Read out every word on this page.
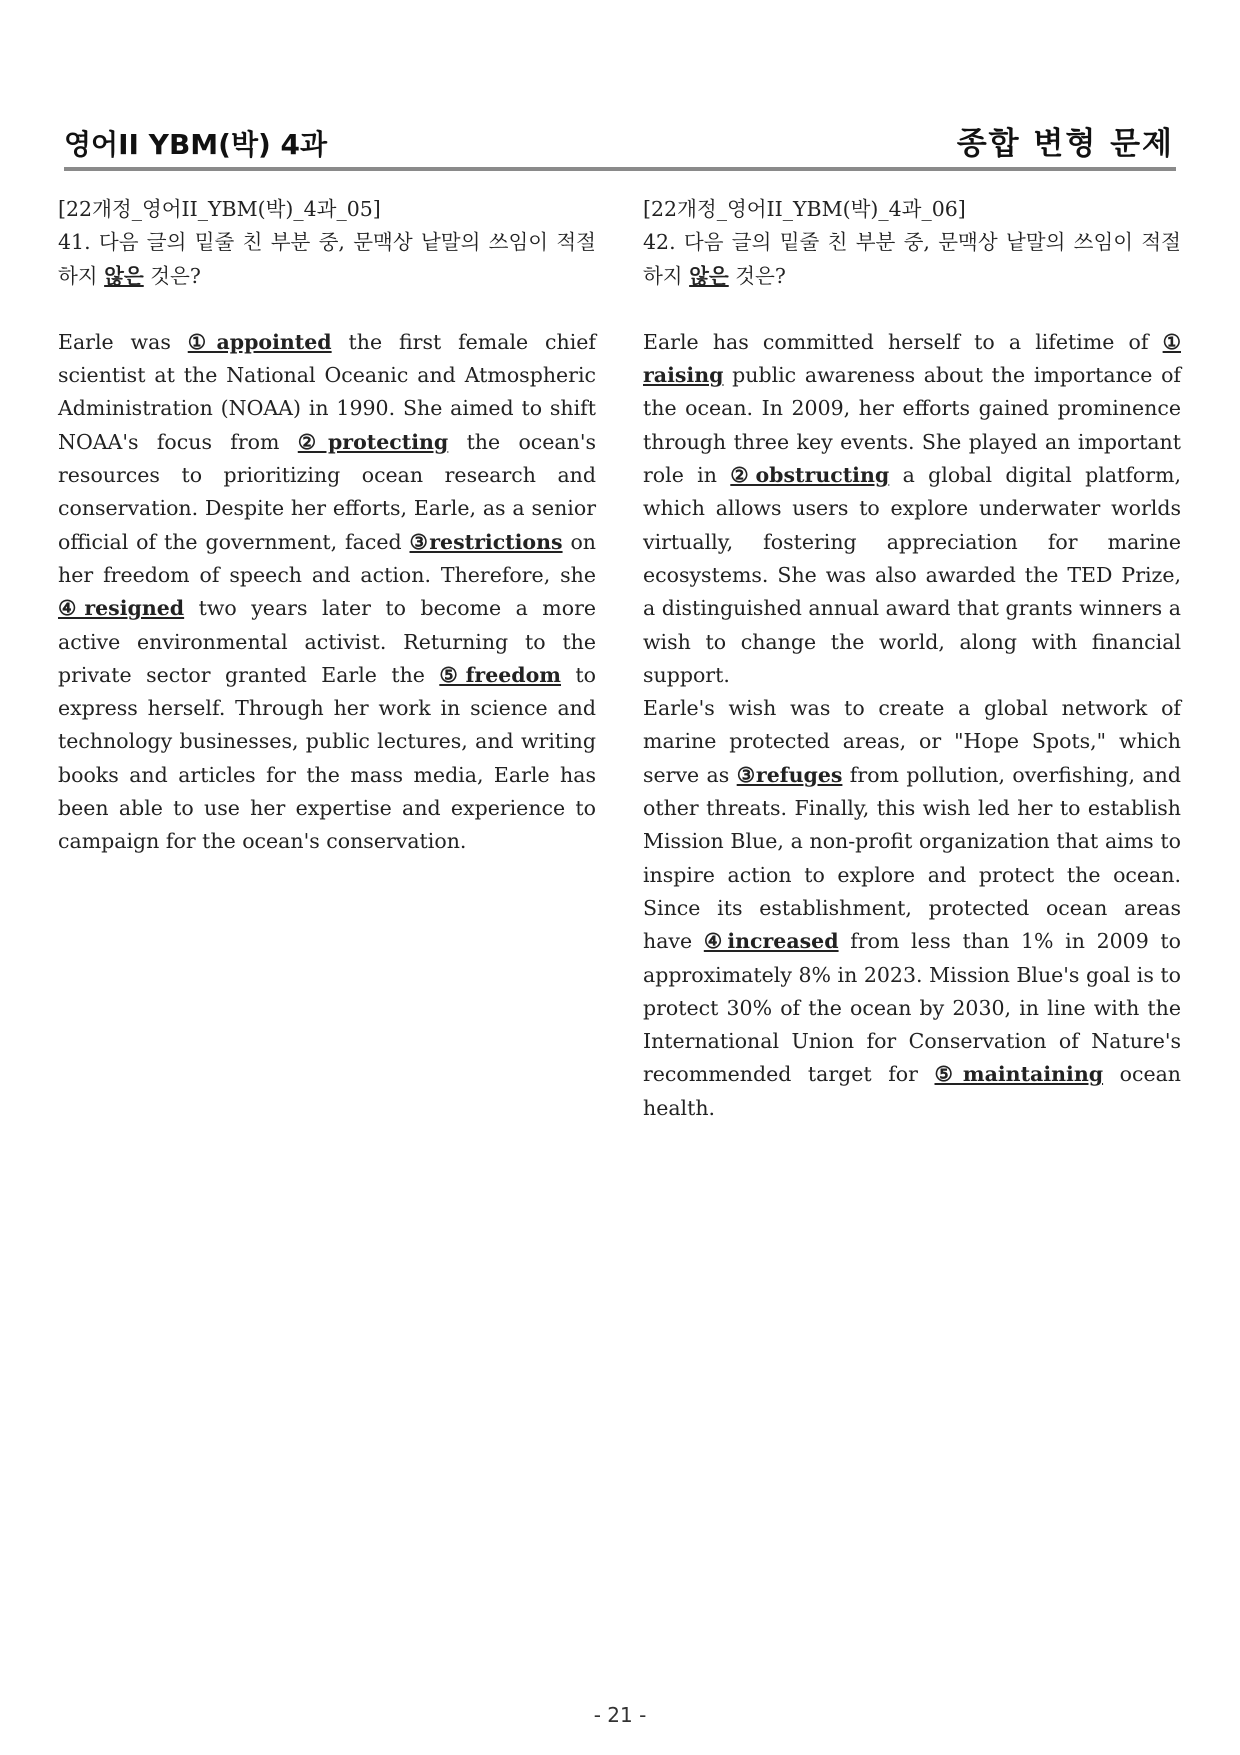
영어II YBM(박) 4과	종합 변형 문제

[22개정_영어II_YBM(박)_4과_05]

41. 다음 글의 밑줄 친 부분 중, 문맥상 낱말의 쓰임이 적절하지 않은 것은?

Earle was ①appointed the first female chief scientist at the National Oceanic and Atmospheric Administration (NOAA) in 1990. She aimed to shift NOAA's focus from ②protecting the ocean's resources to prioritizing ocean research and conservation. Despite her efforts, Earle, as a senior official of the government, faced ③restrictions on her freedom of speech and action. Therefore, she ④resigned two years later to become a more active environmental activist. Returning to the private sector granted Earle the ⑤freedom to express herself. Through her work in science and technology businesses, public lectures, and writing books and articles for the mass media, Earle has been able to use her expertise and experience to campaign for the ocean's conservation.

[22개정_영어II_YBM(박)_4과_06]

42. 다음 글의 밑줄 친 부분 중, 문맥상 낱말의 쓰임이 적절하지 않은 것은?

Earle has committed herself to a lifetime of ① raising public awareness about the importance of the ocean. In 2009, her efforts gained prominence through three key events. She played an important role in ②obstructing a global digital platform, which allows users to explore underwater worlds virtually, fostering appreciation for marine ecosystems. She was also awarded the TED Prize, a distinguished annual award that grants winners a wish to change the world, along with financial support.

Earle's wish was to create a global network of marine protected areas, or "Hope Spots," which serve as ③refuges from pollution, overfishing, and other threats. Finally, this wish led her to establish Mission Blue, a non-profit organization that aims to inspire action to explore and protect the ocean. Since its establishment, protected ocean areas have ④increased from less than 1% in 2009 to approximately 8% in 2023. Mission Blue's goal is to protect 30% of the ocean by 2030, in line with the International Union for Conservation of Nature's recommended target for ⑤maintaining ocean health.

- 21 -
